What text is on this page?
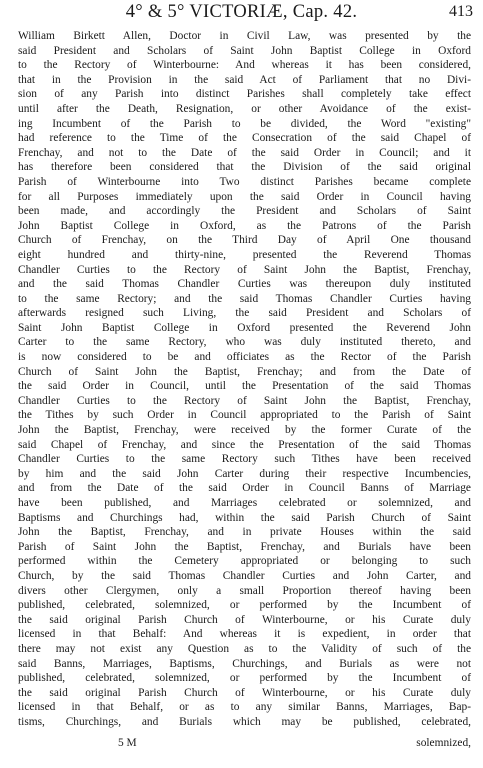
4° & 5° VICTORIÆ, Cap. 42.	413
William Birkett Allen, Doctor in Civil Law, was presented by the
said President and Scholars of Saint John Baptist College in Oxford
to the Rectory of Winterbourne: And whereas it has been considered,
that in the Provision in the said Act of Parliament that no Divi-
sion of any Parish into distinct Parishes shall completely take effect
until after the Death, Resignation, or other Avoidance of the exist-
ing Incumbent of the Parish to be divided, the Word "existing"
had reference to the Time of the Consecration of the said Chapel of
Frenchay, and not to the Date of the said Order in Council; and it
has therefore been considered that the Division of the said original
Parish of Winterbourne into Two distinct Parishes became complete
for all Purposes immediately upon the said Order in Council having
been made, and accordingly the President and Scholars of Saint
John Baptist College in Oxford, as the Patrons of the Parish
Church of Frenchay, on the Third Day of April One thousand
eight hundred and thirty-nine, presented the Reverend Thomas
Chandler Curties to the Rectory of Saint John the Baptist, Frenchay,
and the said Thomas Chandler Curties was thereupon duly instituted
to the same Rectory; and the said Thomas Chandler Curties having
afterwards resigned such Living, the said President and Scholars of
Saint John Baptist College in Oxford presented the Reverend John
Carter to the same Rectory, who was duly instituted thereto, and
is now considered to be and officiates as the Rector of the Parish
Church of Saint John the Baptist, Frenchay; and from the Date of
the said Order in Council, until the Presentation of the said Thomas
Chandler Curties to the Rectory of Saint John the Baptist, Frenchay,
the Tithes by such Order in Council appropriated to the Parish of Saint
John the Baptist, Frenchay, were received by the former Curate of the
said Chapel of Frenchay, and since the Presentation of the said Thomas
Chandler Curties to the same Rectory such Tithes have been received
by him and the said John Carter during their respective Incumbencies,
and from the Date of the said Order in Council Banns of Marriage
have been published, and Marriages celebrated or solemnized, and
Baptisms and Churchings had, within the said Parish Church of Saint
John the Baptist, Frenchay, and in private Houses within the said
Parish of Saint John the Baptist, Frenchay, and Burials have been
performed within the Cemetery appropriated or belonging to such
Church, by the said Thomas Chandler Curties and John Carter, and
divers other Clergymen, only a small Proportion thereof having been
published, celebrated, solemnized, or performed by the Incumbent of
the said original Parish Church of Winterbourne, or his Curate duly
licensed in that Behalf: And whereas it is expedient, in order that
there may not exist any Question as to the Validity of such of the
said Banns, Marriages, Baptisms, Churchings, and Burials as were not
published, celebrated, solemnized, or performed by the Incumbent of
the said original Parish Church of Winterbourne, or his Curate duly
licensed in that Behalf, or as to any similar Banns, Marriages, Bap-
tisms, Churchings, and Burials which may be published, celebrated,
5 M	solemnized,
